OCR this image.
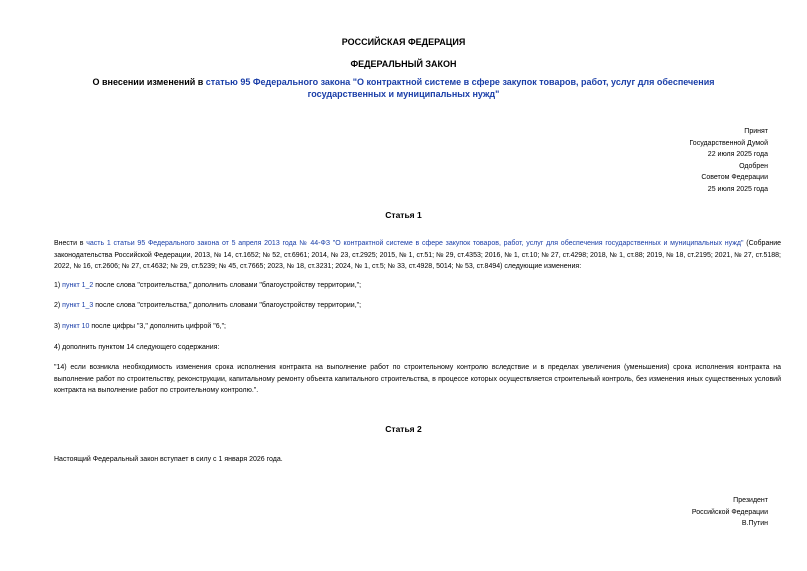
РОССИЙСКАЯ ФЕДЕРАЦИЯ
ФЕДЕРАЛЬНЫЙ ЗАКОН
О внесении изменений в статью 95 Федерального закона "О контрактной системе в сфере закупок товаров, работ, услуг для обеспечения государственных и муниципальных нужд"
Принят
Государственной Думой
22 июля 2025 года
Одобрен
Советом Федерации
25 июля 2025 года
Статья 1
Внести в часть 1 статьи 95 Федерального закона от 5 апреля 2013 года № 44-ФЗ "О контрактной системе в сфере закупок товаров, работ, услуг для обеспечения государственных и муниципальных нужд" (Собрание законодательства Российской Федерации, 2013, № 14, ст.1652; № 52, ст.6961; 2014, № 23, ст.2925; 2015, № 1, ст.51; № 29, ст.4353; 2016, № 1, ст.10; № 27, ст.4298; 2018, № 1, ст.88; 2019, № 18, ст.2195; 2021, № 27, ст.5188; 2022, № 16, ст.2606; № 27, ст.4632; № 29, ст.5239; № 45, ст.7665; 2023, № 18, ст.3231; 2024, № 1, ст.5; № 33, ст.4928, 5014; № 53, ст.8494) следующие изменения:
1) пункт 1_2 после слова "строительства," дополнить словами "благоустройству территории,";
2) пункт 1_3 после слова "строительства," дополнить словами "благоустройству территории,";
3) пункт 10 после цифры "3," дополнить цифрой "6,";
4) дополнить пунктом 14 следующего содержания:
"14) если возникла необходимость изменения срока исполнения контракта на выполнение работ по строительному контролю вследствие и в пределах увеличения (уменьшения) срока исполнения контракта на выполнение работ по строительству, реконструкции, капитальному ремонту объекта капитального строительства, в процессе которых осуществляется строительный контроль, без изменения иных существенных условий контракта на выполнение работ по строительному контролю.".
Статья 2
Настоящий Федеральный закон вступает в силу с 1 января 2026 года.
Президент
Российской Федерации
В.Путин
